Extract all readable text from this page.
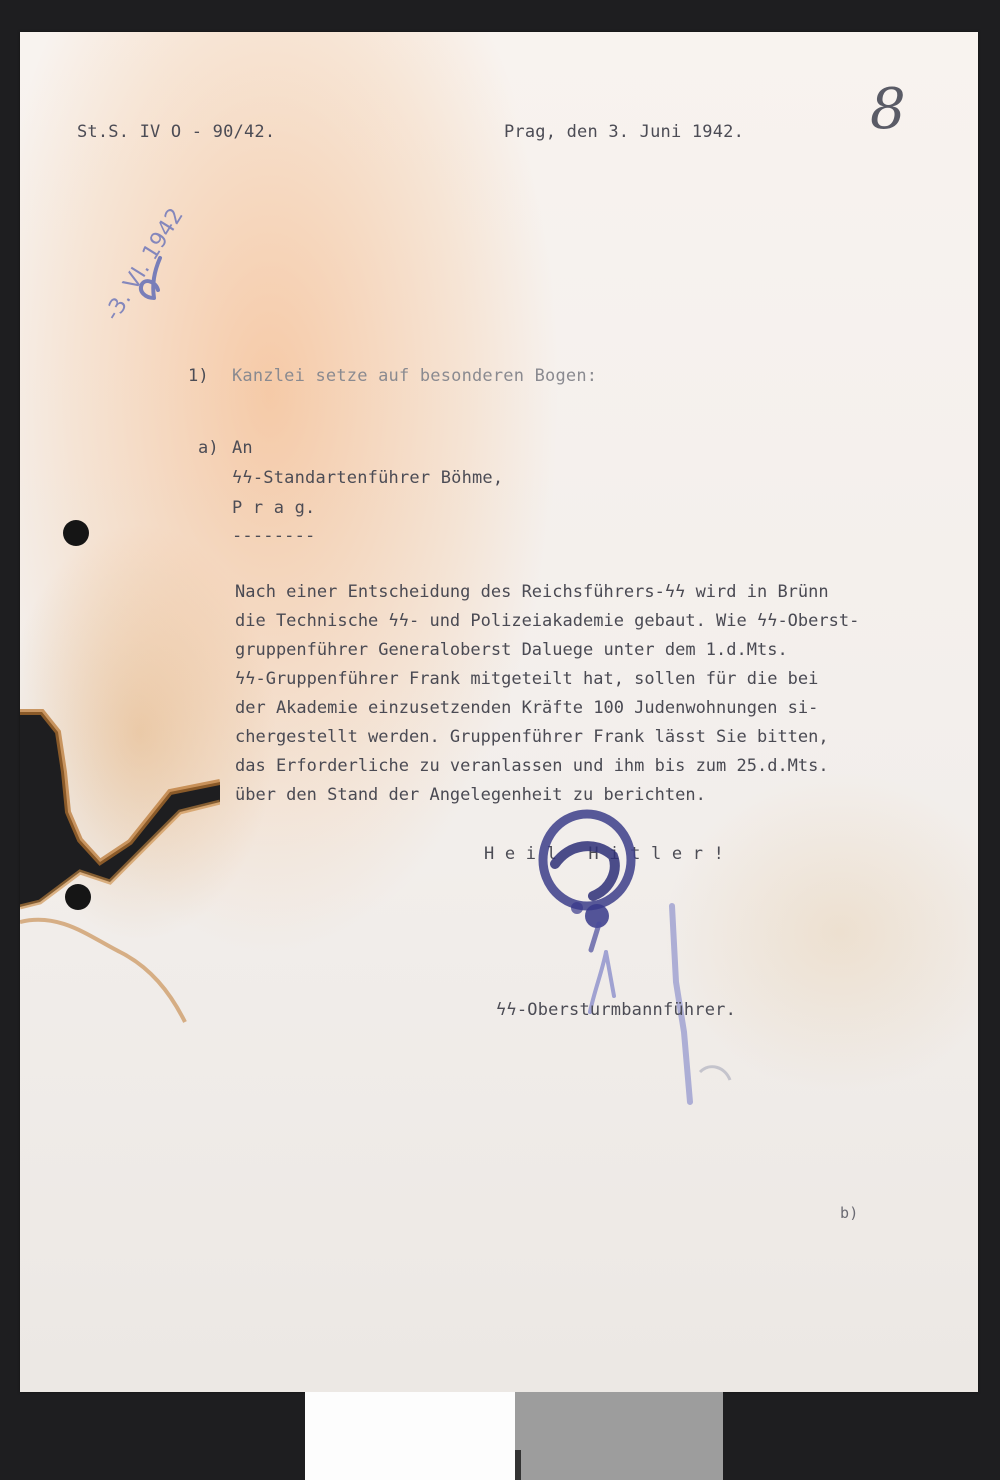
St.S. IV O - 90/42.	Prag, den 3. Juni 1942. 8
-3. VI. 1942
1) Kanzlei setze auf besonderen Bogen:
a) An
ϟϟ-Standartenführer Böhme,
P r a g.
--------
Nach einer Entscheidung des Reichsführers-ϟϟ wird in Brünn
die Technische ϟϟ- und Polizeiakademie gebaut. Wie ϟϟ-Oberst-
gruppenführer Generaloberst Daluege unter dem 1.d.Mts.
ϟϟ-Gruppenführer Frank mitgeteilt hat, sollen für die bei
der Akademie einzusetzenden Kräfte 100 Judenwohnungen si-
chergestellt werden. Gruppenführer Frank lässt Sie bitten,
das Erforderliche zu veranlassen und ihm bis zum 25.d.Mts.
über den Stand der Angelegenheit zu berichten.
H e i l   H i t l e r !
ϟϟ-Obersturmbannführer.
b)
